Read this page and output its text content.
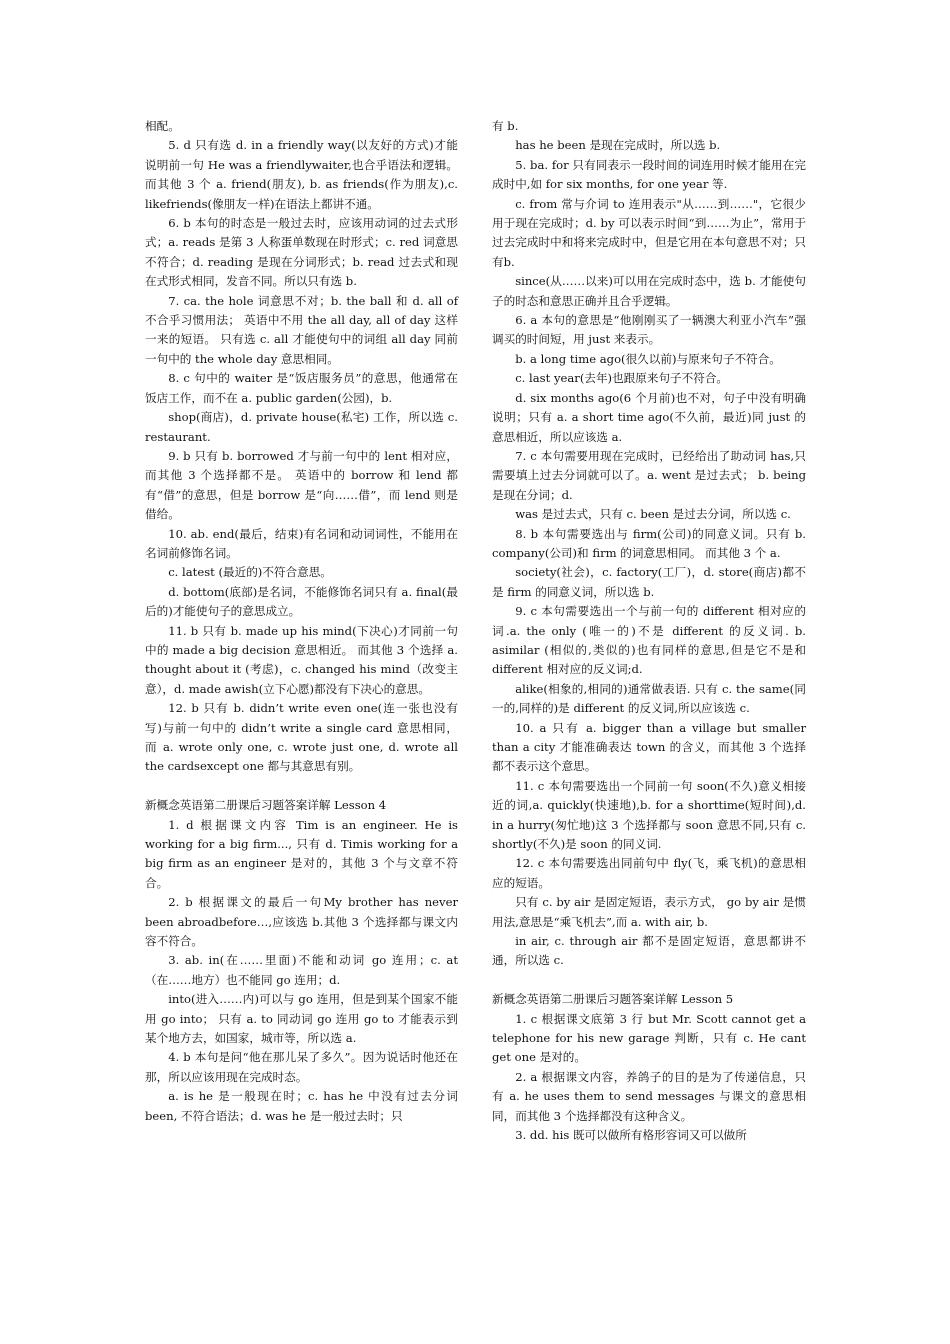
相配。

5. d 只有选 d. in a friendly way(以友好的方式)才能说明前一句 He was a friendlywaiter,也合乎语法和逻辑。而其他 3 个 a. friend(朋友), b. as friends(作为朋友),c. likefriends(像朋友一样)在语法上都讲不通。

6. b 本句的时态是一般过去时，应该用动词的过去式形式；a. reads 是第 3 人称蛋单数现在时形式；c. red 词意思不符合；d. reading 是现在分词形式；b. read 过去式和现在式形式相同，发音不同。所以只有选 b.

7. ca. the hole 词意思不对；b. the ball 和 d. all of 不合乎习惯用法； 英语中不用 the all day, all of day 这样一来的短语。 只有选 c. all 才能使句中的词组 all day 同前一句中的 the whole day 意思相同。

8. c 句中的 waiter 是“饭店服务员”的意思，他通常在饭店工作，而不在 a. public garden(公园)，b.

shop(商店)，d. private house(私宅) 工作，所以选 c. restaurant.

9. b 只有 b. borrowed 才与前一句中的 lent 相对应，而其他 3 个选择都不是。 英语中的 borrow 和 lend 都有“借”的意思，但是 borrow 是“向……借”，而 lend 则是借给。

10. ab. end(最后，结束)有名词和动词词性，不能用在名词前修饰名词。

c. latest (最近的)不符合意思。

d. bottom(底部)是名词，不能修饰名词只有 a. final(最后的)才能使句子的意思成立。

11. b 只有 b. made up his mind(下决心)才同前一句中的 made a big decision 意思相近。 而其他 3 个选择 a. thought about it (考虑)，c. changed his mind（改变主意），d. made awish(立下心愿)都没有下决心的意思。

12. b 只有 b. didn’t write even one(连一张也没有写)与前一句中的 didn’t write a single card 意思相同， 而 a. wrote only one, c. wrote just one, d. wrote all the cardsexcept one 都与其意思有别。

新概念英语第二册课后习题答案详解 Lesson 4

1. d 根据课文内容 Tim is an engineer. He is working for a big firm..., 只有 d. Timis working for a big firm as an engineer 是对的，其他 3 个与文章不符合。

2. b 根据课文的最后一句My brother has never been abroadbefore…,应该选 b.其他 3 个选择都与课文内容不符合。

3. ab. in(在……里面)不能和动词 go 连用；c. at（在……地方）也不能同 go 连用；d.

into(进入……内)可以与 go 连用，但是到某个国家不能用 go into； 只有 a. to 同动词 go 连用 go to 才能表示到某个地方去，如国家，城市等，所以选 a.

4. b 本句是问“他在那儿呆了多久”。因为说话时他还在那，所以应该用现在完成时态。

a. is he 是一般现在时；c. has he 中没有过去分词 been, 不符合语法；d. was he 是一般过去时；只

有 b.

has he been 是现在完成时，所以选 b.

5. ba. for 只有同表示一段时间的词连用时候才能用在完成时中,如 for six months, for one year 等.

c. from 常与介词 to 连用表示"从……到……"，它很少用于现在完成时；d. by 可以表示时间“到……为止”，常用于过去完成时中和将来完成时中，但是它用在本句意思不对；只有b.

since(从……以来)可以用在完成时态中，选 b. 才能使句子的时态和意思正确并且合乎逻辑。

6. a 本句的意思是“他刚刚买了一辆澳大利亚小汽车”强调买的时间短，用 just 来表示。

b. a long time ago(很久以前)与原来句子不符合。

c. last year(去年)也跟原来句子不符合。

d. six months ago(6 个月前)也不对，句子中没有明确说明；只有 a. a short time ago(不久前，最近)同 just 的意思相近，所以应该选 a.

7. c 本句需要用现在完成时，已经给出了助动词 has,只需要填上过去分词就可以了。a. went 是过去式； b. being 是现在分词；d.

was 是过去式，只有 c. been 是过去分词，所以选 c.

8. b 本句需要选出与 firm(公司)的同意义词。只有 b. company(公司)和 firm 的词意思相同。 而其他 3 个 a.

society(社会)，c. factory(工厂)，d. store(商店)都不是 firm 的同意义词，所以选 b.

9. c 本句需要选出一个与前一句的 different 相对应的词.a. the only (唯一的)不是 different 的反义词. b. asimilar (相似的,类似的)也有同样的意思,但是它不是和 different 相对应的反义词;d.

alike(相象的,相同的)通常做表语. 只有 c. the same(同一的,同样的)是 different 的反义词,所以应该选 c.

10. a 只有 a. bigger than a village but smaller than a city 才能准确表达 town 的含义，而其他 3 个选择都不表示这个意思。

11. c 本句需要选出一个同前一句 soon(不久)意义相接近的词,a. quickly(快速地),b. for a shorttime(短时间),d. in a hurry(匆忙地)这 3 个选择都与 soon 意思不同,只有 c. shortly(不久)是 soon 的同义词.

12. c 本句需要选出同前句中 fly(飞，乘飞机)的意思相应的短语。

只有 c. by air 是固定短语，表示方式， go by air 是惯用法,意思是“乘飞机去”,而 a. with air, b.

in air, c. through air 都不是固定短语，意思都讲不通，所以选 c.

新概念英语第二册课后习题答案详解 Lesson 5

1. c 根据课文底第 3 行 but Mr. Scott cannot get a telephone for his new garage 判断，只有 c. He cant get one 是对的。

2. a 根据课文内容，养鸽子的目的是为了传递信息，只有 a. he uses them to send messages 与课文的意思相同，而其他 3 个选择都没有这种含义。

3. dd. his 既可以做所有格形容词又可以做所
